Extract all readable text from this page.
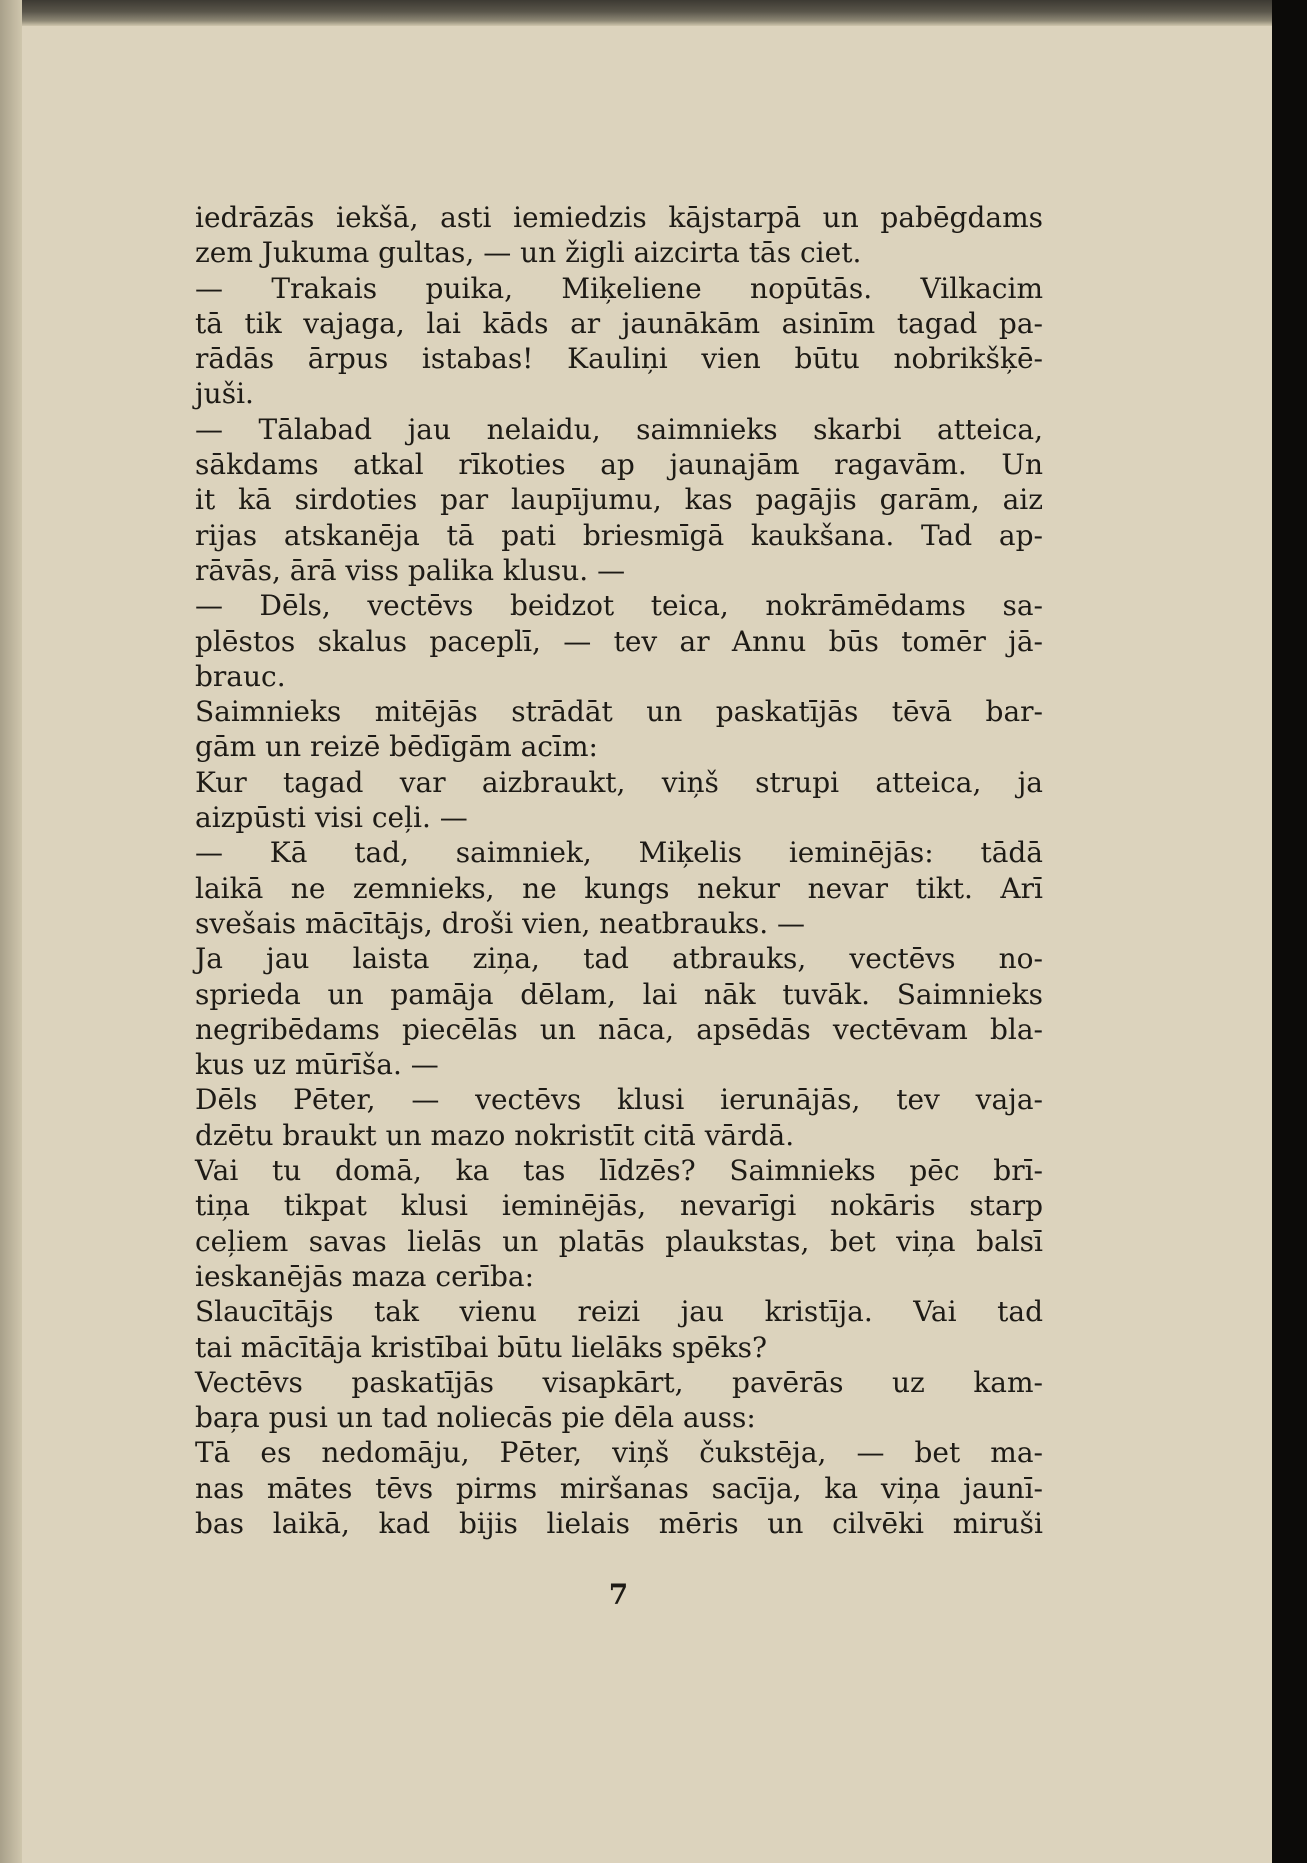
iedrāzās iekšā, asti iemiedzis kājstarpā un pabēgdams
zem Jukuma gultas, — un žigli aizcirta tās ciet.
— Trakais puika, Miķeliene nopūtās. Vilkacim
tā tik vajaga, lai kāds ar jaunākām asinīm tagad pa-
rādās ārpus istabas! Kauliņi vien būtu nobrikšķē-
juši.
— Tālabad jau nelaidu, saimnieks skarbi atteica,
sākdams atkal rīkoties ap jaunajām ragavām. Un
it kā sirdoties par laupījumu, kas pagājis garām, aiz
rijas atskanēja tā pati briesmīgā kaukšana. Tad ap-
rāvās, ārā viss palika klusu. —
— Dēls, vectēvs beidzot teica, nokrāmēdams sa-
plēstos skalus paceplī, — tev ar Annu būs tomēr jā-
brauc.
Saimnieks mitējās strādāt un paskatījās tēvā bar-
gām un reizē bēdīgām acīm:
Kur tagad var aizbraukt, viņš strupi atteica, ja
aizpūsti visi ceļi. —
— Kā tad, saimniek, Miķelis ieminējās: tādā
laikā ne zemnieks, ne kungs nekur nevar tikt. Arī
svešais mācītājs, droši vien, neatbrauks. —
Ja jau laista ziņa, tad atbrauks, vectēvs no-
sprieda un pamāja dēlam, lai nāk tuvāk. Saimnieks
negribēdams piecēlās un nāca, apsēdās vectēvam bla-
kus uz mūrīša. —
Dēls Pēter, — vectēvs klusi ierunājās, tev vaja-
dzētu braukt un mazo nokristīt citā vārdā.
Vai tu domā, ka tas līdzēs? Saimnieks pēc brī-
tiņa tikpat klusi ieminējās, nevarīgi nokāris starp
ceļiem savas lielās un platās plaukstas, bet viņa balsī
ieskanējās maza cerība:
Slaucītājs tak vienu reizi jau kristīja. Vai tad
tai mācītāja kristībai būtu lielāks spēks?
Vectēvs paskatījās visapkārt, pavērās uz kam-
baŗa pusi un tad noliecās pie dēla auss:
Tā es nedomāju, Pēter, viņš čukstēja, — bet ma-
nas mātes tēvs pirms miršanas sacīja, ka viņa jaunī-
bas laikā, kad bijis lielais mēris un cilvēki miruši
7
